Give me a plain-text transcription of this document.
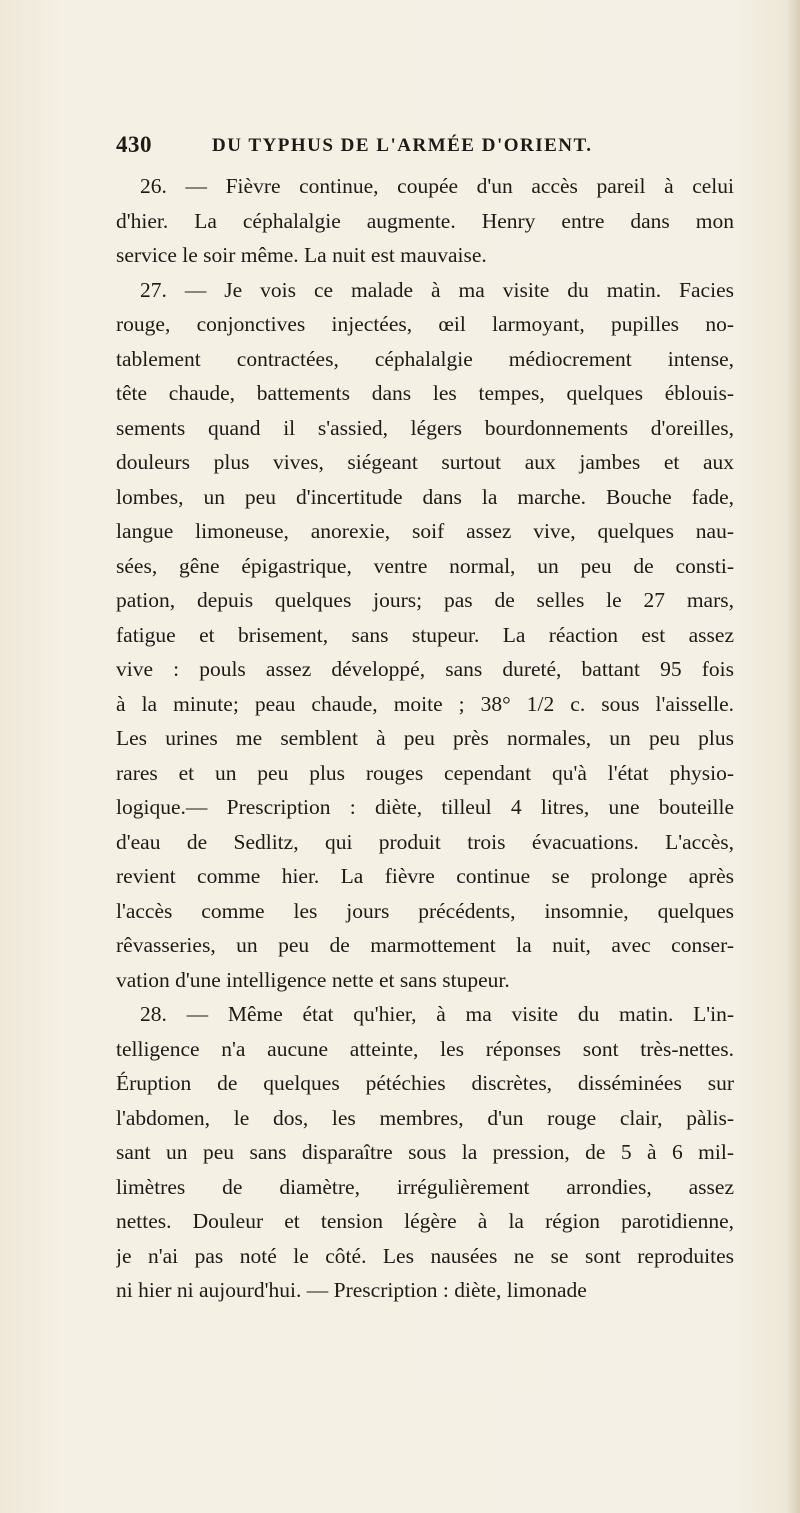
430	DU TYPHUS DE L'ARMÉE D'ORIENT.
26. — Fièvre continue, coupée d'un accès pareil à celui
d'hier. La céphalalgie augmente. Henry entre dans mon
service le soir même. La nuit est mauvaise.
27. — Je vois ce malade à ma visite du matin. Facies
rouge, conjonctives injectées, œil larmoyant, pupilles no-
tablement contractées, céphalalgie médiocrement intense,
tête chaude, battements dans les tempes, quelques éblouis-
sements quand il s'assied, légers bourdonnements d'oreilles,
douleurs plus vives, siégeant surtout aux jambes et aux
lombes, un peu d'incertitude dans la marche. Bouche fade,
langue limoneuse, anorexie, soif assez vive, quelques nau-
sées, gêne épigastrique, ventre normal, un peu de consti-
pation, depuis quelques jours; pas de selles le 27 mars,
fatigue et brisement, sans stupeur. La réaction est assez
vive : pouls assez développé, sans dureté, battant 95 fois
à la minute; peau chaude, moite ; 38° 1/2 c. sous l'aisselle.
Les urines me semblent à peu près normales, un peu plus
rares et un peu plus rouges cependant qu'à l'état physio-
logique.— Prescription : diète, tilleul 4 litres, une bouteille
d'eau de Sedlitz, qui produit trois évacuations. L'accès,
revient comme hier. La fièvre continue se prolonge après
l'accès comme les jours précédents, insomnie, quelques
rêvasseries, un peu de marmottement la nuit, avec conser-
vation d'une intelligence nette et sans stupeur.
28. — Même état qu'hier, à ma visite du matin. L'in-
telligence n'a aucune atteinte, les réponses sont très-nettes.
Éruption de quelques pétéchies discrètes, disséminées sur
l'abdomen, le dos, les membres, d'un rouge clair, pàlis-
sant un peu sans disparaître sous la pression, de 5 à 6 mil-
limètres de diamètre, irrégulièrement arrondies, assez
nettes. Douleur et tension légère à la région parotidienne,
je n'ai pas noté le côté. Les nausées ne se sont reproduites
ni hier ni aujourd'hui. — Prescription : diète, limonade
